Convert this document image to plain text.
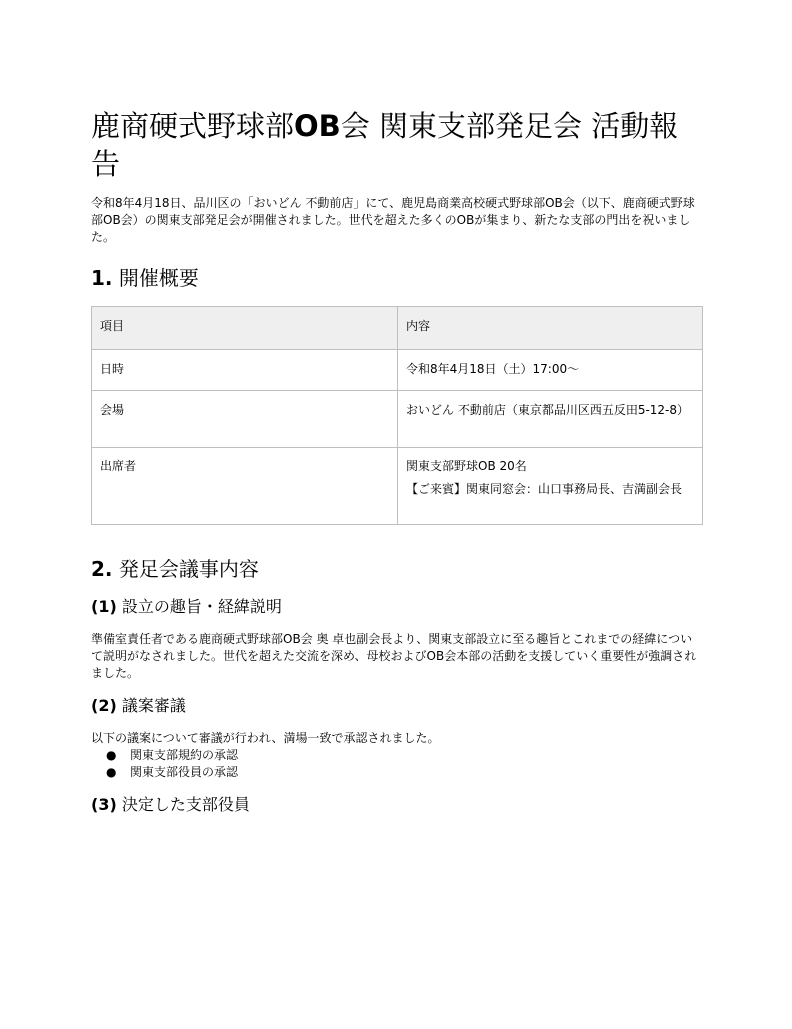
鹿商硬式野球部OB会 関東支部発足会 活動報告

令和8年4月18日、品川区の「おいどん 不動前店」にて、鹿児島商業高校硬式野球部OB会（以下、鹿商硬式野球部OB会）の関東支部発足会が開催されました。世代を超えた多くのOBが集まり、新たな支部の門出を祝いました。

1. 開催概要
項目	内容
日時	令和8年4月18日（土）17:00〜

会場	おいどん 不動前店（東京都品川区西五反田5-12-8）

出席者	関東支部野球OB 20名

【ご来賓】関東同窓会：山口事務局長、吉満副会長

2. 発足会議事内容
(1) 設立の趣旨・経緯説明

準備室責任者である鹿商硬式野球部OB会 奥 卓也副会長より、関東支部設立に至る趣旨とこれまでの経緯について説明がなされました。世代を超えた交流を深め、母校およびOB会本部の活動を支援していく重要性が強調されました。

(2) 議案審議

以下の議案について審議が行われ、満場一致で承認されました。

● 関東支部規約の承認
● 関東支部役員の承認
(3) 決定した支部役員
